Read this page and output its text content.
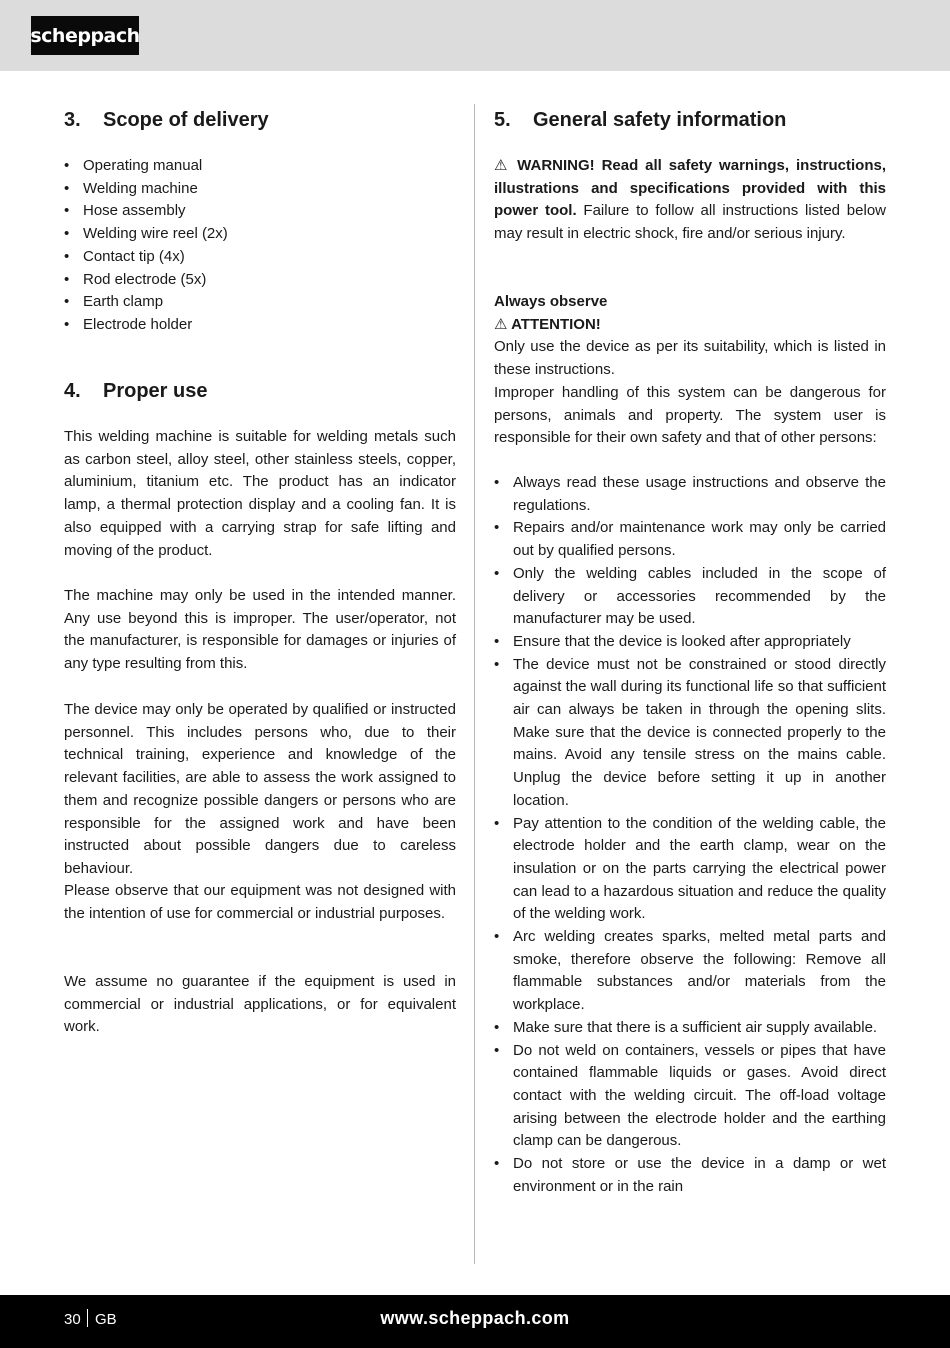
scheppach
3. Scope of delivery
• Operating manual
• Welding machine
• Hose assembly
• Welding wire reel (2x)
• Contact tip (4x)
• Rod electrode (5x)
• Earth clamp
• Electrode holder
4. Proper use

This welding machine is suitable for welding metals such as carbon steel, alloy steel, other stainless steels, copper, aluminium, titanium etc. The product has an indicator lamp, a thermal protection display and a cooling fan. It is also equipped with a carrying strap for safe lifting and moving of the product.

The machine may only be used in the intended manner. Any use beyond this is improper. The user/operator, not the manufacturer, is responsible for damages or injuries of any type resulting from this.

The device may only be operated by qualified or instructed personnel. This includes persons who, due to their technical training, experience and knowledge of the relevant facilities, are able to assess the work assigned to them and recognize possible dangers or persons who are responsible for the assigned work and have been instructed about possible dangers due to careless behaviour.

Please observe that our equipment was not designed with the intention of use for commercial or industrial purposes.

We assume no guarantee if the equipment is used in commercial or industrial applications, or for equivalent work.

5. General safety information

⚠ WARNING! Read all safety warnings, instructions, illustrations and specifications provided with this power tool. Failure to follow all instructions listed below may result in electric shock, fire and/or serious injury.

Always observe

⚠ ATTENTION!

Only use the device as per its suitability, which is listed in these instructions.

Improper handling of this system can be dangerous for persons, animals and property. The system user is responsible for their own safety and that of other persons:

• Always read these usage instructions and observe the regulations.
• Repairs and/or maintenance work may only be carried out by qualified persons.
• Only the welding cables included in the scope of delivery or accessories recommended by the manufacturer may be used.
• Ensure that the device is looked after appropriately
• The device must not be constrained or stood directly against the wall during its functional life so that sufficient air can always be taken in through the opening slits. Make sure that the device is connected properly to the mains. Avoid any tensile stress on the mains cable. Unplug the device before setting it up in another location.
• Pay attention to the condition of the welding cable, the electrode holder and the earth clamp, wear on the insulation or on the parts carrying the electrical power can lead to a hazardous situation and reduce the quality of the welding work.
• Arc welding creates sparks, melted metal parts and smoke, therefore observe the following: Remove all flammable substances and/or materials from the workplace.
• Make sure that there is a sufficient air supply available.
• Do not weld on containers, vessels or pipes that have contained flammable liquids or gases. Avoid direct contact with the welding circuit. The off-load voltage arising between the electrode holder and the earthing clamp can be dangerous.
• Do not store or use the device in a damp or wet environment or in the rain
30 GB	www.scheppach.com
